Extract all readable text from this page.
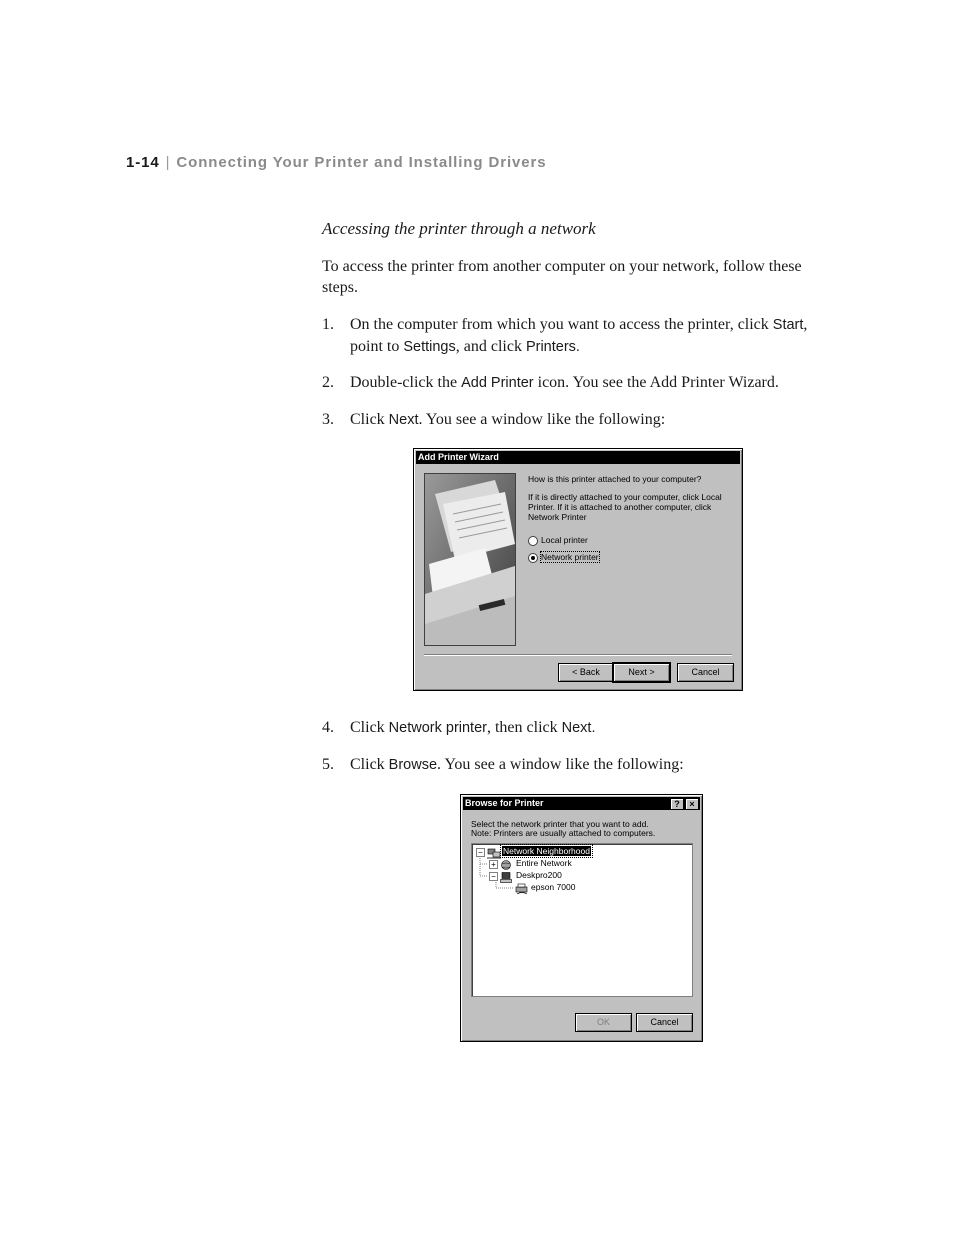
1-14 | Connecting Your Printer and Installing Drivers
Accessing the printer through a network
To access the printer from another computer on your network, follow these steps.
1. On the computer from which you want to access the printer, click Start, point to Settings, and click Printers.
2. Double-click the Add Printer icon. You see the Add Printer Wizard.
3. Click Next. You see a window like the following:
Add Printer Wizard
How is this printer attached to your computer?
If it is directly attached to your computer, click Local Printer. If it is attached to another computer, click Network Printer
Local printer
Network printer
< Back	Next >	Cancel
4. Click Network printer, then click Next.
5. Click Browse. You see a window like the following:
Browse for Printer	?	×
Select the network printer that you want to add.
Note: Printers are usually attached to computers.
− Network Neighborhood
+ Entire Network
− Deskpro200
epson 7000
OK	Cancel
